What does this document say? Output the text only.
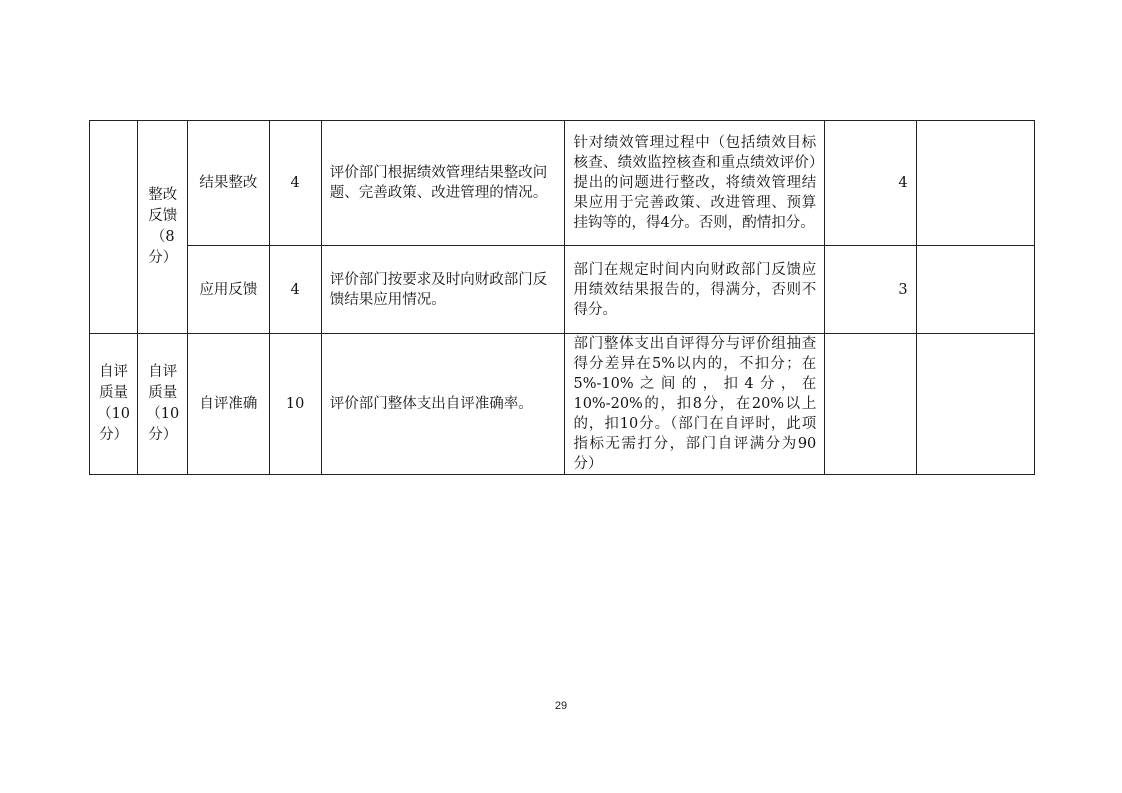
	整改反馈（8分）	结果整改	4	评价部门根据绩效管理结果整改问题、完善政策、改进管理的情况。	针对绩效管理过程中（包括绩效目标核查、绩效监控核查和重点绩效评价）提出的问题进行整改，将绩效管理结果应用于完善政策、改进管理、预算挂钩等的，得4分。否则，酌情扣分。	4	
		应用反馈	4	评价部门按要求及时向财政部门反馈结果应用情况。	部门在规定时间内向财政部门反馈应用绩效结果报告的，得满分，否则不得分。	3	

自评质量（10分）	自评质量（10分）	自评准确	10	评价部门整体支出自评准确率。	部门整体支出自评得分与评价组抽查得分差异在5%以内的，不扣分；在5%-10%之间的，扣4分，在10%-20%的，扣8分，在20%以上的，扣10分。（部门在自评时，此项指标无需打分，部门自评满分为90分）		
29
